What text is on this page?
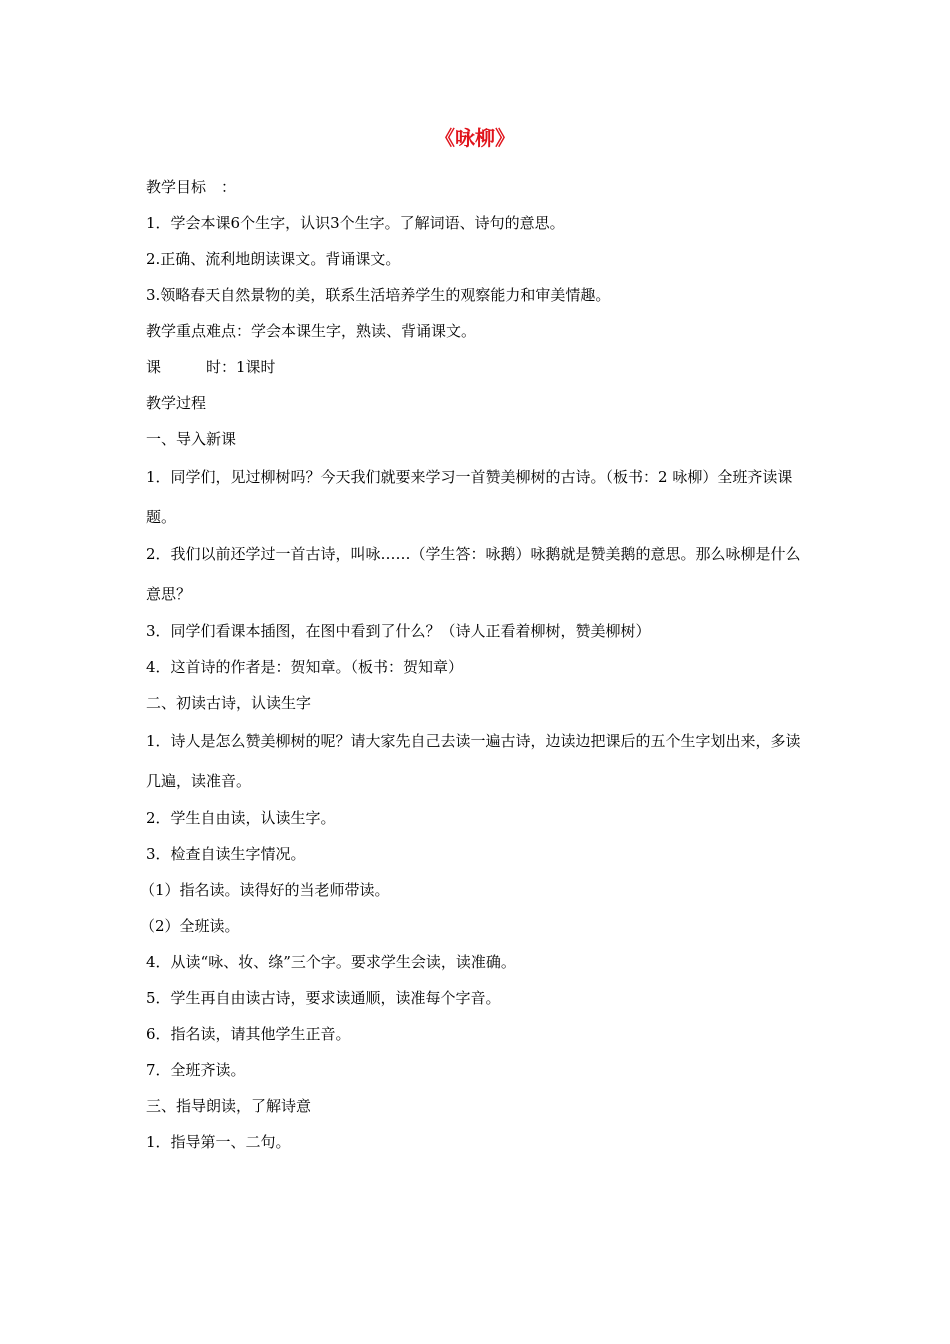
《咏柳》
教学目标　：
1．学会本课6个生字，认识3个生字。了解词语、诗句的意思。
2.正确、流利地朗读课文。背诵课文。
3.领略春天自然景物的美，联系生活培养学生的观察能力和审美情趣。
教学重点难点：学会本课生字，熟读、背诵课文。
课　　　时：1课时
教学过程
一、导入新课
1．同学们，见过柳树吗？今天我们就要来学习一首赞美柳树的古诗。（板书：2 咏柳）全班齐读课题。
2．我们以前还学过一首古诗，叫咏……（学生答：咏鹅）咏鹅就是赞美鹅的意思。那么咏柳是什么意思？
3．同学们看课本插图，在图中看到了什么？（诗人正看着柳树，赞美柳树）
4．这首诗的作者是：贺知章。（板书：贺知章）
二、初读古诗，认读生字
1．诗人是怎么赞美柳树的呢？请大家先自己去读一遍古诗，边读边把课后的五个生字划出来，多读几遍，读准音。
2．学生自由读，认读生字。
3．检查自读生字情况。
（1）指名读。读得好的当老师带读。
（2）全班读。
4．从读“咏、妆、绦”三个字。要求学生会读，读准确。
5．学生再自由读古诗，要求读通顺，读准每个字音。
6．指名读，请其他学生正音。
7．全班齐读。
三、指导朗读，了解诗意
1．指导第一、二句。
